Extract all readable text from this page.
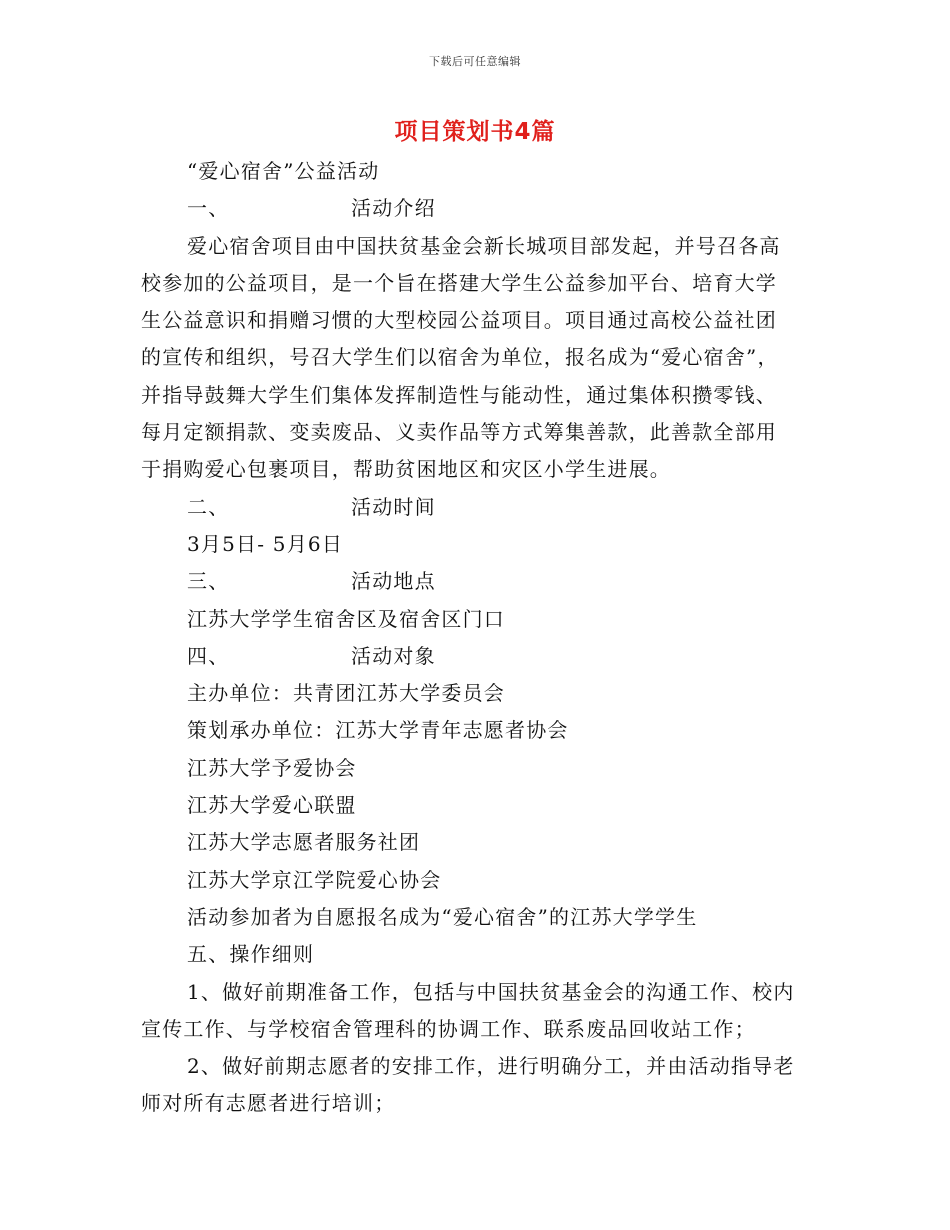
下载后可任意编辑
项目策划书4篇

“爱心宿舍”公益活动

一、	活动介绍

爱心宿舍项目由中国扶贫基金会新长城项目部发起，并号召各高

校参加的公益项目，是一个旨在搭建大学生公益参加平台、培育大学

生公益意识和捐赠习惯的大型校园公益项目。项目通过高校公益社团

的宣传和组织，号召大学生们以宿舍为单位，报名成为“爱心宿舍”，

并指导鼓舞大学生们集体发挥制造性与能动性，通过集体积攒零钱、

每月定额捐款、变卖废品、义卖作品等方式筹集善款，此善款全部用

于捐购爱心包裹项目，帮助贫困地区和灾区小学生进展。

二、	活动时间

3月5日- 5月6日

三、	活动地点

江苏大学学生宿舍区及宿舍区门口

四、	活动对象

主办单位：共青团江苏大学委员会

策划承办单位：江苏大学青年志愿者协会

江苏大学予爱协会

江苏大学爱心联盟

江苏大学志愿者服务社团

江苏大学京江学院爱心协会

活动参加者为自愿报名成为“爱心宿舍”的江苏大学学生

五、操作细则

1、做好前期准备工作，包括与中国扶贫基金会的沟通工作、校内

宣传工作、与学校宿舍管理科的协调工作、联系废品回收站工作；

2、做好前期志愿者的安排工作，进行明确分工，并由活动指导老

师对所有志愿者进行培训；
